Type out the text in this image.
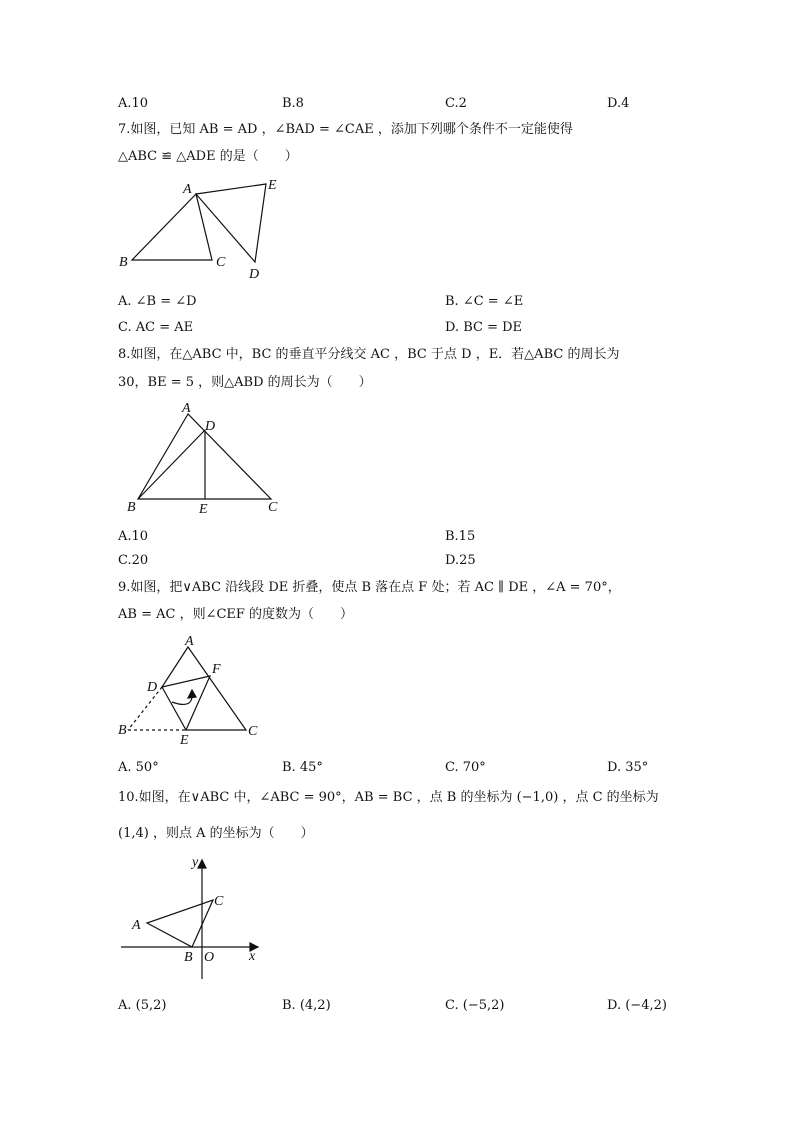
A.10	B.8	C.2	D.4
7.如图，已知 AB = AD ，∠BAD = ∠CAE ，添加下列哪个条件不一定能使得
△ABC ≌ △ADE 的是（　　）
A
B	C
D
E
A. ∠B = ∠D	B. ∠C = ∠E
C. AC = AE	D. BC = DE
8.如图，在△ABC 中，BC 的垂直平分线交 AC ，BC 于点 D ，E．若△ABC 的周长为
30，BE = 5 ，则△ABD 的周长为（　　）
A
B	C
D
E
A.10	B.15
C.20	D.25
9.如图，把∨ABC 沿线段 DE 折叠，使点 B 落在点 F 处；若 AC ∥ DE ，∠A = 70°，
AB = AC ，则∠CEF 的度数为（　　）
A
B	C
D
E
F
A. 50°	B. 45°	C. 70°	D. 35°
10.如图，在∨ABC 中，∠ABC = 90°，AB = BC ，点 B 的坐标为 (−1,0) ，点 C 的坐标为
(1,4) ，则点 A 的坐标为（　　）
y
x
A
B
C
O
A. (5,2)	B. (4,2)	C. (−5,2)	D. (−4,2)
